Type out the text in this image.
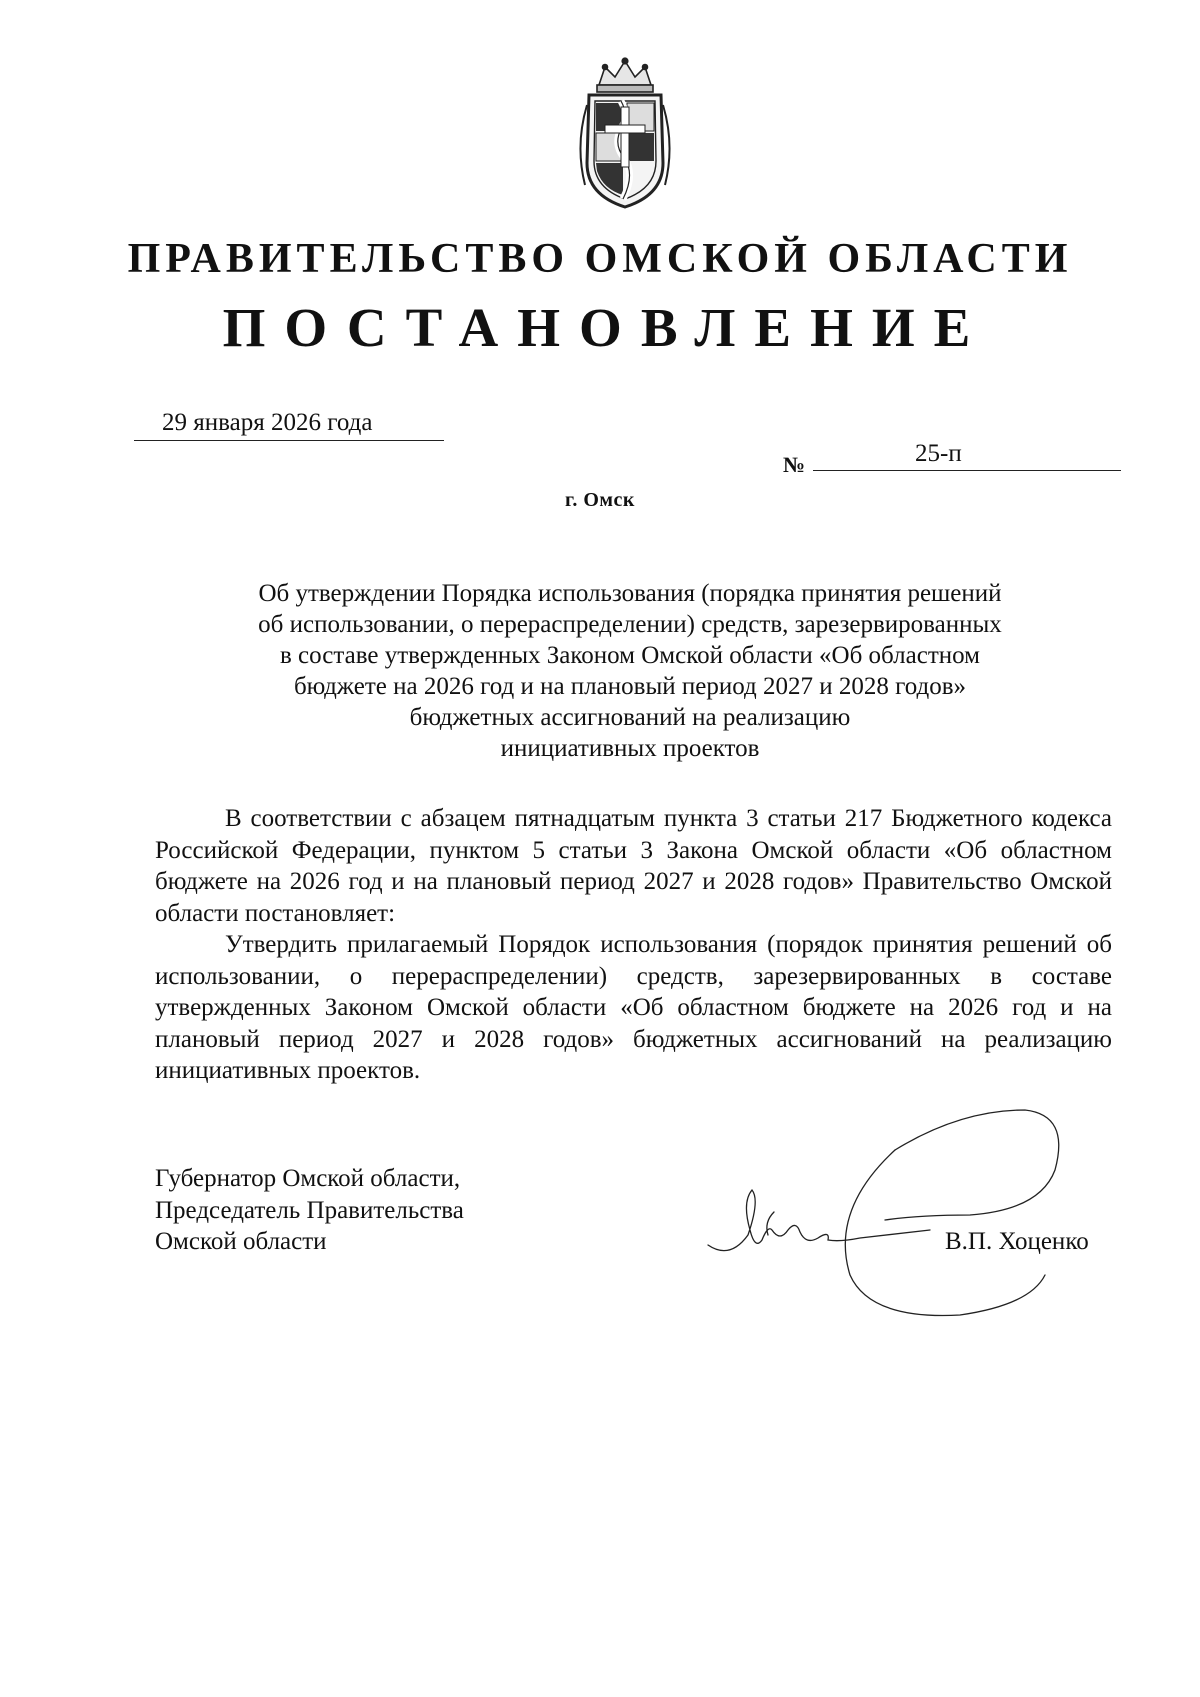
ПРАВИТЕЛЬСТВО ОМСКОЙ ОБЛАСТИ
ПОСТАНОВЛЕНИЕ
29 января 2026 года
№	25-п
г. Омск
Об утверждении Порядка использования (порядка принятия решений
об использовании, о перераспределении) средств, зарезервированных
в составе утвержденных Законом Омской области «Об областном
бюджете на 2026 год и на плановый период 2027 и 2028 годов»
бюджетных ассигнований на реализацию
инициативных проектов

В соответствии с абзацем пятнадцатым пункта 3 статьи 217 Бюджетного кодекса Российской Федерации, пунктом 5 статьи 3 Закона Омской области «Об областном бюджете на 2026 год и на плановый период 2027 и 2028 годов» Правительство Омской области постановляет:

Утвердить прилагаемый Порядок использования (порядок принятия решений об использовании, о перераспределении) средств, зарезервированных в составе утвержденных Законом Омской области «Об областном бюджете на 2026 год и на плановый период 2027 и 2028 годов» бюджетных ассигнований на реализацию инициативных проектов.

Губернатор Омской области,
Председатель Правительства
Омской области	В.П. Хоценко
